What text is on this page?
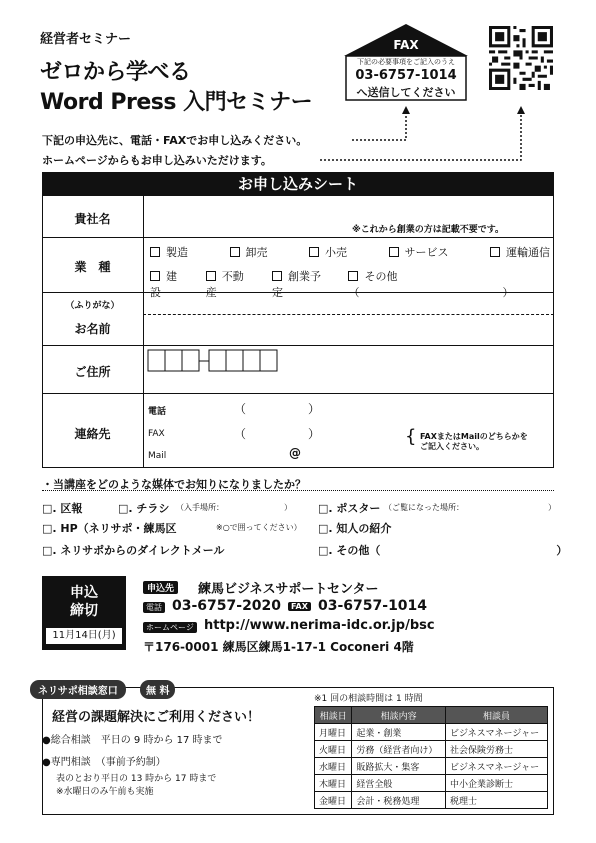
経営者セミナー
ゼロから学べる
Word Press 入門セミナー
FAX
下記の必要事項をご記入のうえ
03-6757-1014
へ送信してください
下記の申込先に、電話・FAXでお申し込みください。
ホームページからもお申し込みいただけます。
お申し込みシート
貴社名
※これから創業の方は記載不要です。
業　種
製造	卸売	小売	サービス	運輸通信
建設
不動産
創業予定
その他（　　　　　　　　　　　　　）
（ふりがな）
お名前
ご住所
連絡先
電話	（	）
FAX	（	）
Mail	@
{ FAXまたはMailのどちらかを
ご記入ください。
・当講座をどのような媒体でお知りになりましたか？
□. 区報	□. チラシ （入手場所：　　　　　　　　） □. ポスター （ご覧になった場所：　　　　　　　　　　　）
□. HP（ネリサポ・練馬区	※○で囲ってください） □. 知人の紹介
□. ネリサポからのダイレクトメール	□. その他（　　　　　　　　　　　　　　　　）
申込
締切
11月14日(月)
申込先	練馬ビジネスサポートセンター
電話 03-6757-2020	FAX 03-6757-1014
ホームページ http://www.nerima-idc.or.jp/bsc
〒176-0001 練馬区練馬1-17-1 Coconeri 4階
ネリサポ相談窓口	無 料
経営の課題解決にご利用ください！
●総合相談　平日の 9 時から 17 時まで
●専門相談　（事前予約制）
表のとおり平日の 13 時から 17 時まで
※水曜日のみ午前も実施
※1 回の相談時間は 1 時間
相談日	相談内容	相談員
月曜日	起業・創業	ビジネスマネージャー
火曜日	労務（経営者向け）	社会保険労務士
水曜日	販路拡大・集客	ビジネスマネージャー
木曜日	経営全般	中小企業診断士
金曜日	会計・税務処理	税理士
